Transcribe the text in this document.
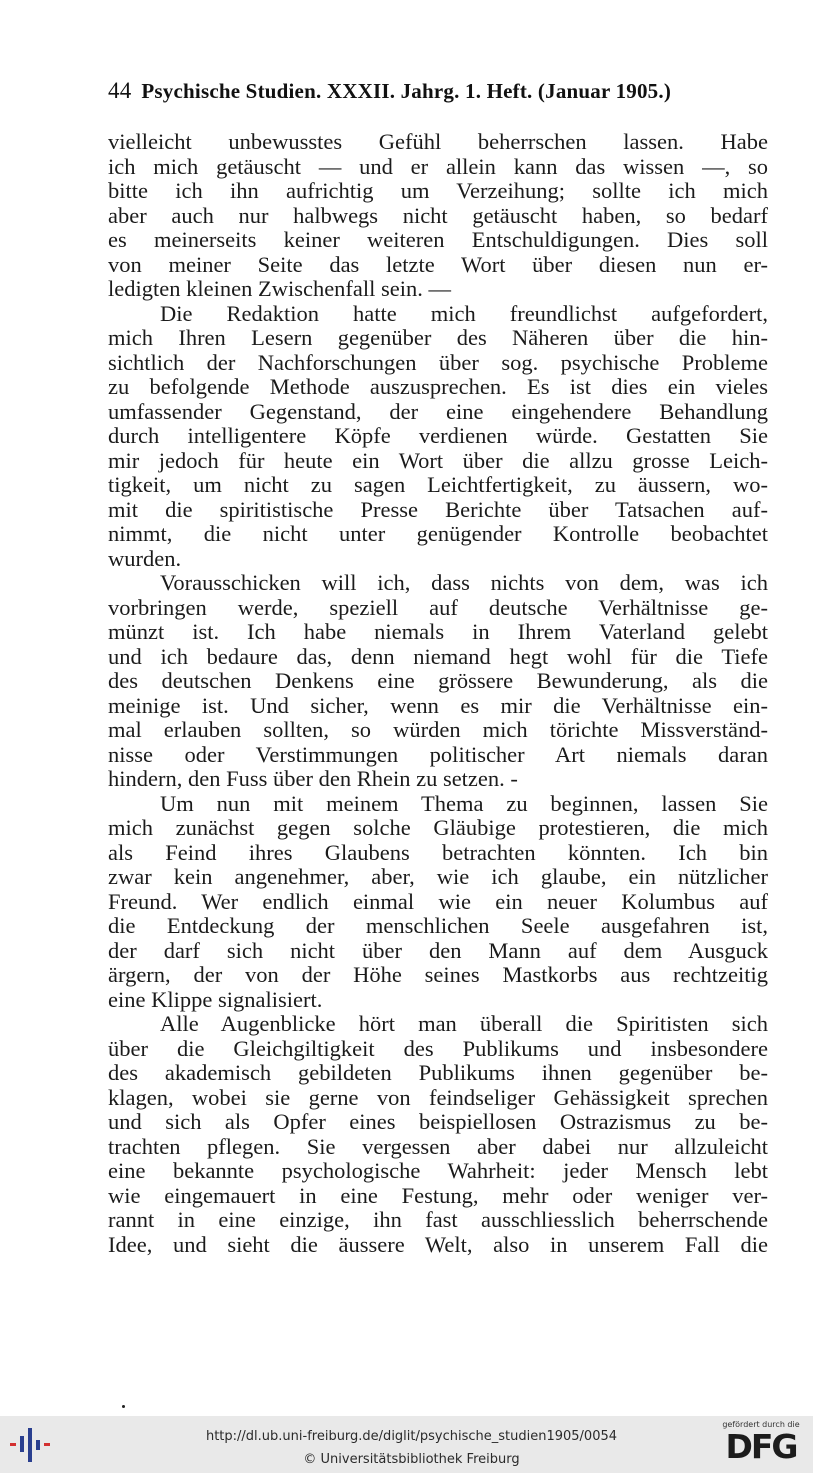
44 Psychische Studien. XXXII. Jahrg. 1. Heft. (Januar 1905.)
vielleicht unbewusstes Gefühl beherrschen lassen. Habe
ich mich getäuscht — und er allein kann das wissen —, so
bitte ich ihn aufrichtig um Verzeihung; sollte ich mich
aber auch nur halbwegs nicht getäuscht haben, so bedarf
es meinerseits keiner weiteren Entschuldigungen. Dies soll
von meiner Seite das letzte Wort über diesen nun er-
ledigten kleinen Zwischenfall sein. —
Die Redaktion hatte mich freundlichst aufgefordert,
mich Ihren Lesern gegenüber des Näheren über die hin-
sichtlich der Nachforschungen über sog. psychische Probleme
zu befolgende Methode auszusprechen. Es ist dies ein vieles
umfassender Gegenstand, der eine eingehendere Behandlung
durch intelligentere Köpfe verdienen würde. Gestatten Sie
mir jedoch für heute ein Wort über die allzu grosse Leich-
tigkeit, um nicht zu sagen Leichtfertigkeit, zu äussern, wo-
mit die spiritistische Presse Berichte über Tatsachen auf-
nimmt, die nicht unter genügender Kontrolle beobachtet
wurden.
Vorausschicken will ich, dass nichts von dem, was ich
vorbringen werde, speziell auf deutsche Verhältnisse ge-
münzt ist. Ich habe niemals in Ihrem Vaterland gelebt
und ich bedaure das, denn niemand hegt wohl für die Tiefe
des deutschen Denkens eine grössere Bewunderung, als die
meinige ist. Und sicher, wenn es mir die Verhältnisse ein-
mal erlauben sollten, so würden mich törichte Missverständ-
nisse oder Verstimmungen politischer Art niemals daran
hindern, den Fuss über den Rhein zu setzen. -
Um nun mit meinem Thema zu beginnen, lassen Sie
mich zunächst gegen solche Gläubige protestieren, die mich
als Feind ihres Glaubens betrachten könnten. Ich bin
zwar kein angenehmer, aber, wie ich glaube, ein nützlicher
Freund. Wer endlich einmal wie ein neuer Kolumbus auf
die Entdeckung der menschlichen Seele ausgefahren ist,
der darf sich nicht über den Mann auf dem Ausguck
ärgern, der von der Höhe seines Mastkorbs aus rechtzeitig
eine Klippe signalisiert.
Alle Augenblicke hört man überall die Spiritisten sich
über die Gleichgiltigkeit des Publikums und insbesondere
des akademisch gebildeten Publikums ihnen gegenüber be-
klagen, wobei sie gerne von feindseliger Gehässigkeit sprechen
und sich als Opfer eines beispiellosen Ostrazismus zu be-
trachten pflegen. Sie vergessen aber dabei nur allzuleicht
eine bekannte psychologische Wahrheit: jeder Mensch lebt
wie eingemauert in eine Festung, mehr oder weniger ver-
rannt in eine einzige, ihn fast ausschliesslich beherrschende
Idee, und sieht die äussere Welt, also in unserem Fall die
http://dl.ub.uni-freiburg.de/diglit/psychische_studien1905/0054
© Universitätsbibliothek Freiburg
gefördert durch die
DFG
